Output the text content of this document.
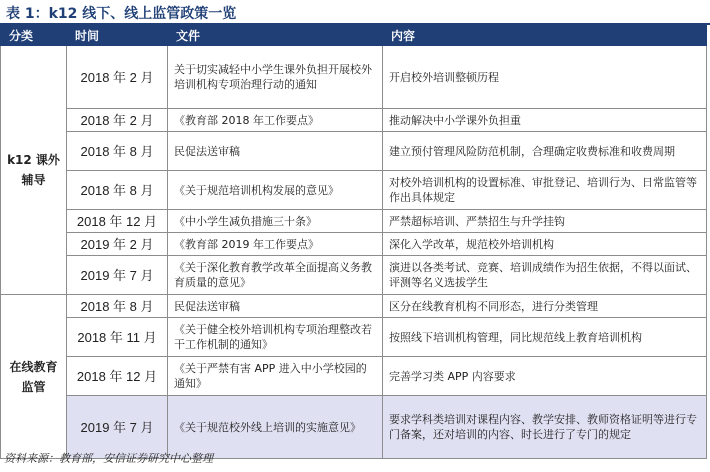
表 1：k12 线下、线上监管政策一览
分类	时间	文件	内容
k12 课外辅导	2018 年 2 月	关于切实减轻中小学生课外负担开展校外培训机构专项治理行动的通知	开启校外培训整顿历程
	2018 年 2 月	《教育部 2018 年工作要点》	推动解决中小学课外负担重
	2018 年 8 月	民促法送审稿	建立预付管理风险防范机制，合理确定收费标准和收费周期
	2018 年 8 月	《关于规范培训机构发展的意见》	对校外培训机构的设置标准、审批登记、培训行为、日常监管等作出具体规定
	2018 年 12 月	《中小学生减负措施三十条》	严禁超标培训、严禁招生与升学挂钩
	2019 年 2 月	《教育部 2019 年工作要点》	深化入学改革，规范校外培训机构
	2019 年 7 月	《关于深化教育教学改革全面提高义务教育质量的意见》	演进以各类考试、竞赛、培训成绩作为招生依据，不得以面试、评测等名义选拔学生
在线教育监管	2018 年 8 月	民促法送审稿	区分在线教育机构不同形态，进行分类管理
	2018 年 11 月	《关于健全校外培训机构专项治理整改若干工作机制的通知》	按照线下培训机构管理，同比规范线上教育培训机构
	2018 年 12 月	《关于严禁有害 APP 进入中小学校园的通知》	完善学习类 APP 内容要求
	2019 年 7 月	《关于规范校外线上培训的实施意见》	要求学科类培训对课程内容、教学安排、教师资格证明等进行专门备案，还对培训的内容、时长进行了专门的规定
资料来源：教育部，安信证券研究中心整理
